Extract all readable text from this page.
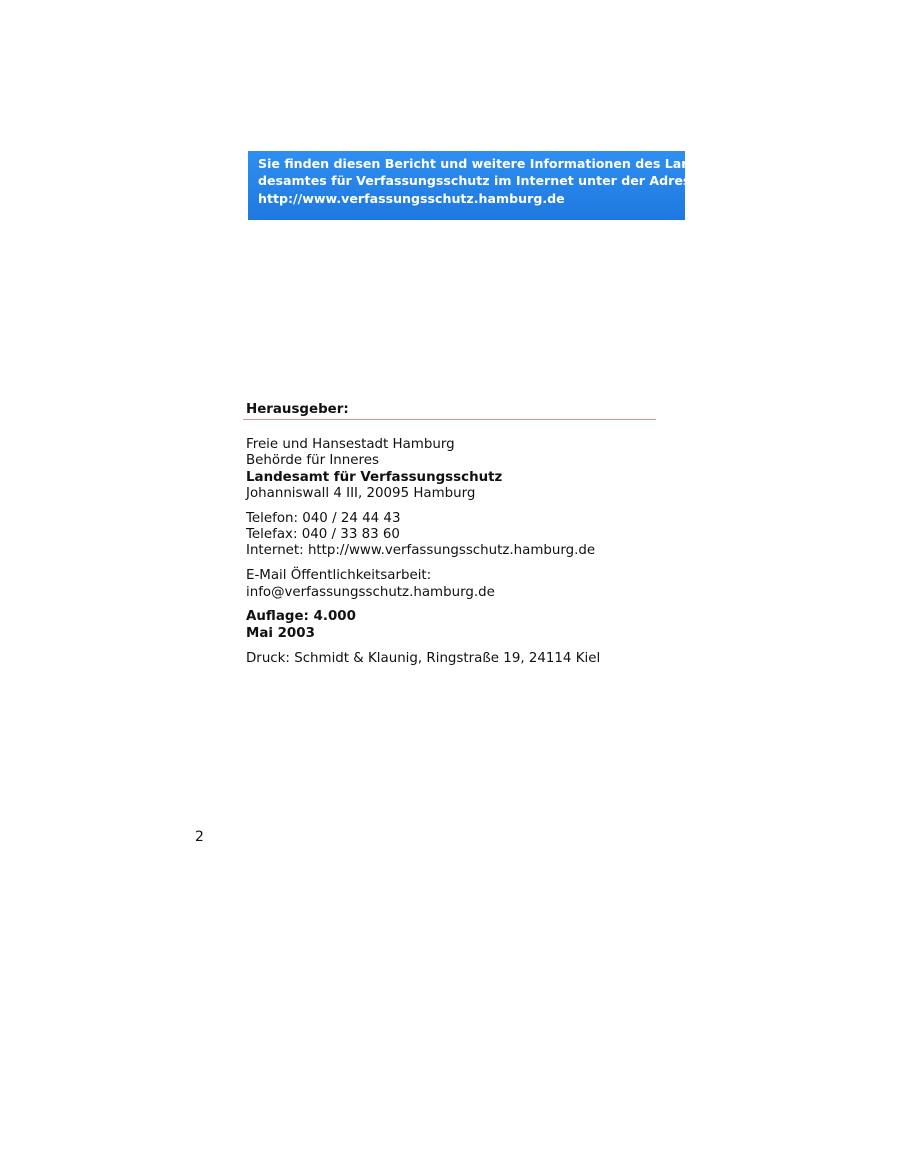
Sie finden diesen Bericht und weitere Informationen des Lan-
desamtes für Verfassungsschutz im Internet unter der Adresse
http://www.verfassungsschutz.hamburg.de
Herausgeber:
Freie und Hansestadt Hamburg
Behörde für Inneres
Landesamt für Verfassungsschutz
Johanniswall 4 III, 20095 Hamburg
Telefon: 040 / 24 44 43
Telefax: 040 / 33 83 60
Internet: http://www.verfassungsschutz.hamburg.de
E-Mail Öffentlichkeitsarbeit:
info@verfassungsschutz.hamburg.de
Auflage: 4.000
Mai 2003
Druck: Schmidt & Klaunig, Ringstraße 19, 24114 Kiel
2
